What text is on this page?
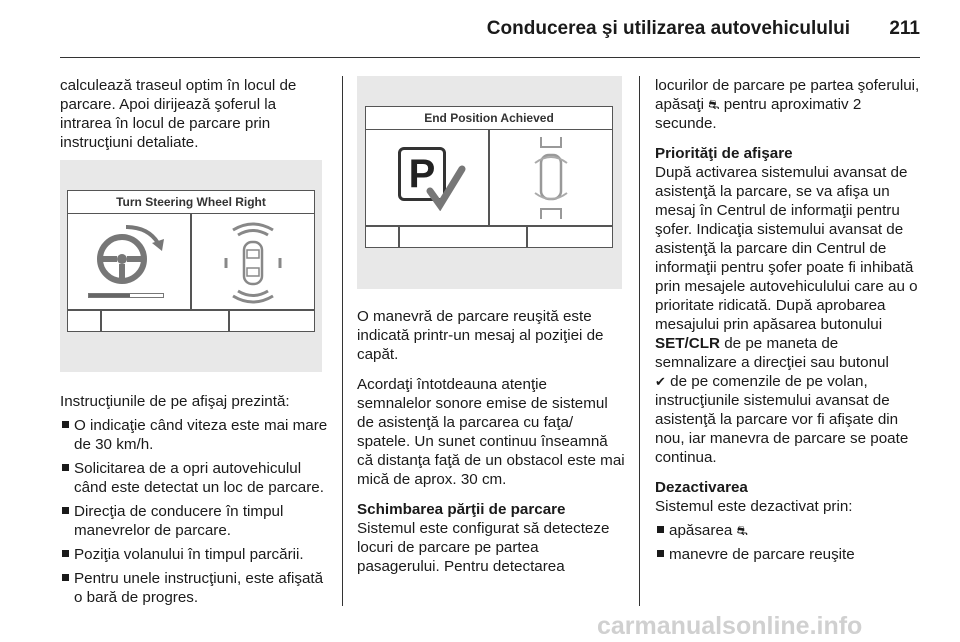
Conducerea şi utilizarea autovehiculului 211

calculează traseul optim în locul de parcare. Apoi dirijează şoferul la intrarea în locul de parcare prin instrucţiuni detaliate.

Turn Steering Wheel Right

Instrucţiunile de pe afişaj prezintă:

O indicaţie când viteza este mai mare de 30 km/h.
Solicitarea de a opri autovehiculul când este detectat un loc de parcare.
Direcţia de conducere în timpul manevrelor de parcare.
Poziţia volanului în timpul parcării.
Pentru unele instrucţiuni, este afişată o bară de progres.
End Position Achieved
P

O manevră de parcare reuşită este indicată printr-un mesaj al poziţiei de capăt.

Acordaţi întotdeauna atenţie semnalelor sonore emise de sistemul de asistenţă la parcarea cu faţa/ spatele. Un sunet continuu înseamnă că distanţa faţă de un obstacol este mai mică de aprox. 30 cm.

Schimbarea părţii de parcare

Sistemul este configurat să detecteze locuri de parcare pe partea pasagerului. Pentru detectarea

locurilor de parcare pe partea şoferului, apăsaţi ⛐ pentru aproximativ 2 secunde.

Priorităţi de afişare

După activarea sistemului avansat de asistenţă la parcare, se va afişa un mesaj în Centrul de informaţii pentru şofer. Indicaţia sistemului avansat de asistenţă la parcare din Centrul de informaţii pentru şofer poate fi inhibată prin mesajele autovehiculului care au o prioritate ridicată. După aprobarea mesajului prin apăsarea butonului SET/CLR de pe maneta de semnalizare a direcţiei sau butonul
✔ de pe comenzile de pe volan, instrucţiunile sistemului avansat de asistenţă la parcare vor fi afişate din nou, iar manevra de parcare se poate continua.

Dezactivarea

Sistemul este dezactivat prin:

apăsarea ⛐
manevre de parcare reuşite
carmanualsonline.info
